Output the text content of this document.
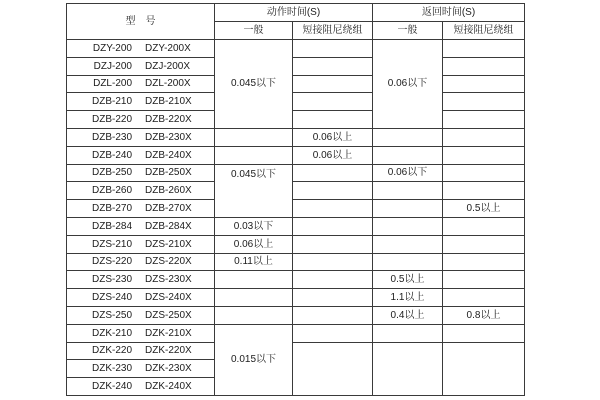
型　号	动作时间(S)		返回时间(S)	
	一般	短接阻尼绕组	一般	短接阻尼绕组

DZY-200 DZY-200X	0.045以下		0.06以下	

DZJ-200 DZJ-200X				

DZL-200 DZL-200X				

DZB-210 DZB-210X				

DZB-220 DZB-220X				

DZB-230 DZB-230X		0.06以上		

DZB-240 DZB-240X		0.06以上		

DZB-250 DZB-250X	0.045以下		0.06以下	

DZB-260 DZB-260X				

DZB-270 DZB-270X				0.5以上

DZB-284 DZB-284X	0.03以下			

DZS-210 DZS-210X	0.06以上			

DZS-220 DZS-220X	0.11以上			

DZS-230 DZS-230X			0.5以上	

DZS-240 DZS-240X			1.1以上	

DZS-250 DZS-250X			0.4以上	0.8以上

DZK-210 DZK-210X	0.015以下			

DZK-220 DZK-220X				

DZK-230 DZK-230X				

DZK-240 DZK-240X				
